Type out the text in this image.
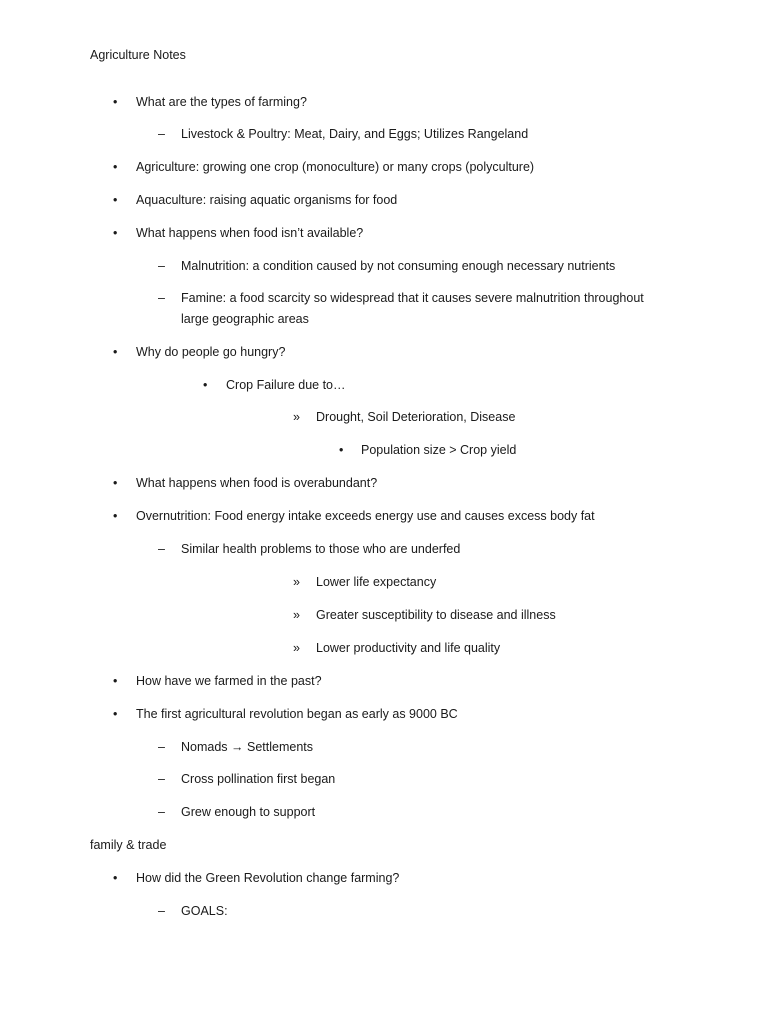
Agriculture Notes
• What are the types of farming?
– Livestock & Poultry: Meat, Dairy, and Eggs; Utilizes Rangeland
• Agriculture: growing one crop (monoculture) or many crops (polyculture)
• Aquaculture: raising aquatic organisms for food
• What happens when food isn’t available?
– Malnutrition: a condition caused by not consuming enough necessary nutrients
– Famine: a food scarcity so widespread that it causes severe malnutrition throughout large geographic areas
• Why do people go hungry?
• Crop Failure due to…
» Drought, Soil Deterioration, Disease
• Population size > Crop yield
• What happens when food is overabundant?
• Overnutrition: Food energy intake exceeds energy use and causes excess body fat
– Similar health problems to those who are underfed
» Lower life expectancy
» Greater susceptibility to disease and illness
» Lower productivity and life quality
• How have we farmed in the past?
• The first agricultural revolution began as early as 9000 BC
– Nomads → Settlements
– Cross pollination first began
– Grew enough to support
family & trade
• How did the Green Revolution change farming?
– GOALS:
